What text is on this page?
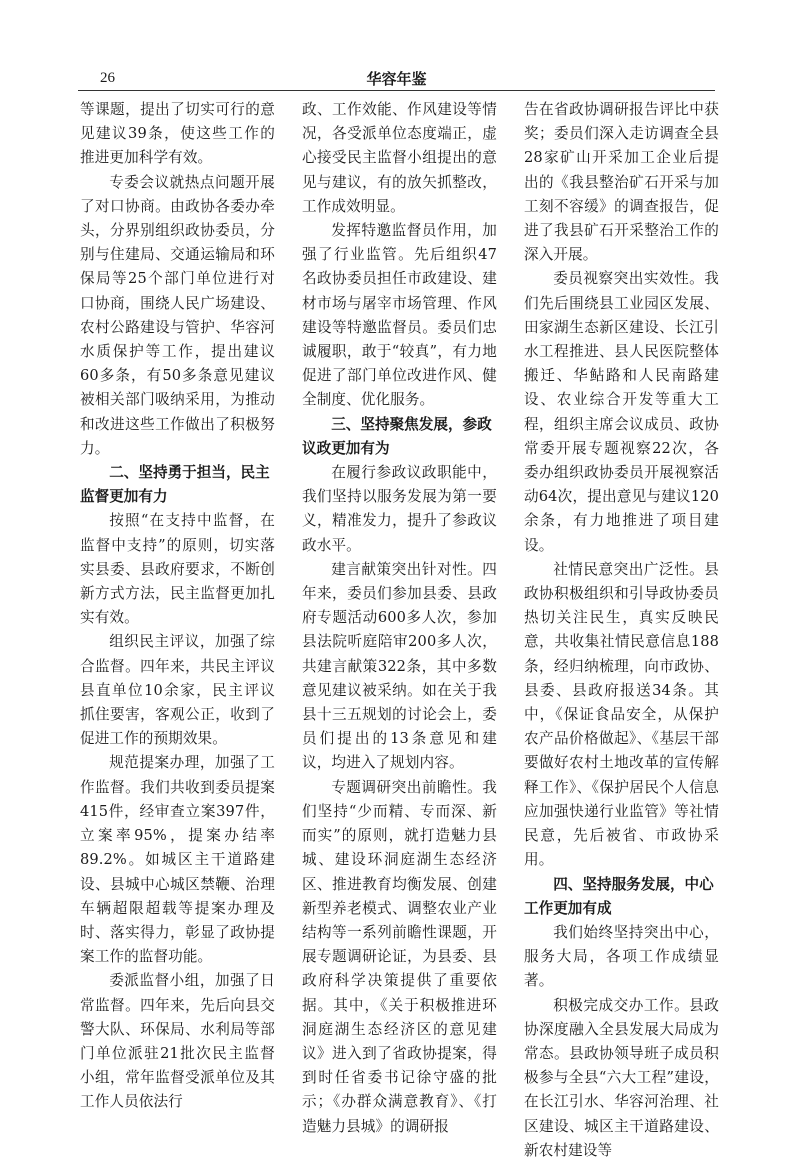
26	华容年鉴

等课题，提出了切实可行的意见建议39条，使这些工作的推进更加科学有效。

专委会议就热点问题开展了对口协商。由政协各委办牵头，分界别组织政协委员，分别与住建局、交通运输局和环保局等25个部门单位进行对口协商，围绕人民广场建设、农村公路建设与管护、华容河水质保护等工作，提出建议60多条，有50多条意见建议被相关部门吸纳采用，为推动和改进这些工作做出了积极努力。

二、坚持勇于担当，民主监督更加有力

按照“在支持中监督，在监督中支持”的原则，切实落实县委、县政府要求，不断创新方式方法，民主监督更加扎实有效。

组织民主评议，加强了综合监督。四年来，共民主评议县直单位10余家，民主评议抓住要害，客观公正，收到了促进工作的预期效果。

规范提案办理，加强了工作监督。我们共收到委员提案415件，经审查立案397件，立案率95%，提案办结率89.2%。如城区主干道路建设、县城中心城区禁鞭、治理车辆超限超载等提案办理及时、落实得力，彰显了政协提案工作的监督功能。

委派监督小组，加强了日常监督。四年来，先后向县交警大队、环保局、水利局等部门单位派驻21批次民主监督小组，常年监督受派单位及其工作人员依法行

政、工作效能、作风建设等情况，各受派单位态度端正，虚心接受民主监督小组提出的意见与建议，有的放矢抓整改，工作成效明显。

发挥特邀监督员作用，加强了行业监管。先后组织47名政协委员担任市政建设、建材市场与屠宰市场管理、作风建设等特邀监督员。委员们忠诚履职，敢于“较真”，有力地促进了部门单位改进作风、健全制度、优化服务。

三、坚持聚焦发展，参政议政更加有为

在履行参政议政职能中，我们坚持以服务发展为第一要义，精准发力，提升了参政议政水平。

建言献策突出针对性。四年来，委员们参加县委、县政府专题活动600多人次，参加县法院听庭陪审200多人次，共建言献策322条，其中多数意见建议被采纳。如在关于我县十三五规划的讨论会上，委员们提出的13条意见和建议，均进入了规划内容。

专题调研突出前瞻性。我们坚持“少而精、专而深、新而实”的原则，就打造魅力县城、建设环洞庭湖生态经济区、推进教育均衡发展、创建新型养老模式、调整农业产业结构等一系列前瞻性课题，开展专题调研论证，为县委、县政府科学决策提供了重要依据。其中，《关于积极推进环洞庭湖生态经济区的意见建议》进入到了省政协提案，得到时任省委书记徐守盛的批示；《办群众满意教育》、《打造魅力县城》的调研报

告在省政协调研报告评比中获奖；委员们深入走访调查全县28家矿山开采加工企业后提出的《我县整治矿石开采与加工刻不容缓》的调查报告，促进了我县矿石开采整治工作的深入开展。

委员视察突出实效性。我们先后围绕县工业园区发展、田家湖生态新区建设、长江引水工程推进、县人民医院整体搬迁、华鲇路和人民南路建设、农业综合开发等重大工程，组织主席会议成员、政协常委开展专题视察22次，各委办组织政协委员开展视察活动64次，提出意见与建议120余条，有力地推进了项目建设。

社情民意突出广泛性。县政协积极组织和引导政协委员热切关注民生，真实反映民意，共收集社情民意信息188条，经归纳梳理，向市政协、县委、县政府报送34条。其中，《保证食品安全，从保护农产品价格做起》、《基层干部要做好农村土地改革的宣传解释工作》、《保护居民个人信息应加强快递行业监管》等社情民意，先后被省、市政协采用。

四、坚持服务发展，中心工作更加有成

我们始终坚持突出中心，服务大局，各项工作成绩显著。

积极完成交办工作。县政协深度融入全县发展大局成为常态。县政协领导班子成员积极参与全县“六大工程”建设，在长江引水、华容河治理、社区建设、城区主干道路建设、新农村建设等
